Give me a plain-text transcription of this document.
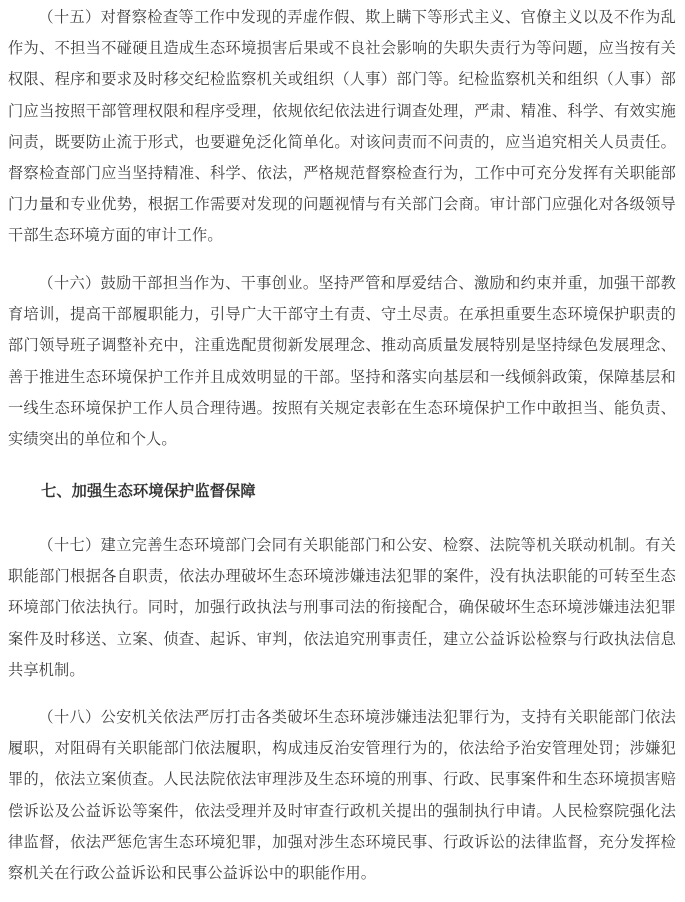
（十五）对督察检查等工作中发现的弄虚作假、欺上瞒下等形式主义、官僚主义以及不作为乱作为、不担当不碰硬且造成生态环境损害后果或不良社会影响的失职失责行为等问题，应当按有关权限、程序和要求及时移交纪检监察机关或组织（人事）部门等。纪检监察机关和组织（人事）部门应当按照干部管理权限和程序受理，依规依纪依法进行调查处理，严肃、精准、科学、有效实施问责，既要防止流于形式，也要避免泛化简单化。对该问责而不问责的，应当追究相关人员责任。督察检查部门应当坚持精准、科学、依法，严格规范督察检查行为，工作中可充分发挥有关职能部门力量和专业优势，根据工作需要对发现的问题视情与有关部门会商。审计部门应强化对各级领导干部生态环境方面的审计工作。

（十六）鼓励干部担当作为、干事创业。坚持严管和厚爱结合、激励和约束并重，加强干部教育培训，提高干部履职能力，引导广大干部守土有责、守土尽责。在承担重要生态环境保护职责的部门领导班子调整补充中，注重选配贯彻新发展理念、推动高质量发展特别是坚持绿色发展理念、善于推进生态环境保护工作并且成效明显的干部。坚持和落实向基层和一线倾斜政策，保障基层和一线生态环境保护工作人员合理待遇。按照有关规定表彰在生态环境保护工作中敢担当、能负责、实绩突出的单位和个人。

七、加强生态环境保护监督保障

（十七）建立完善生态环境部门会同有关职能部门和公安、检察、法院等机关联动机制。有关职能部门根据各自职责，依法办理破坏生态环境涉嫌违法犯罪的案件，没有执法职能的可转至生态环境部门依法执行。同时，加强行政执法与刑事司法的衔接配合，确保破坏生态环境涉嫌违法犯罪案件及时移送、立案、侦查、起诉、审判，依法追究刑事责任，建立公益诉讼检察与行政执法信息共享机制。

（十八）公安机关依法严厉打击各类破坏生态环境涉嫌违法犯罪行为，支持有关职能部门依法履职，对阻碍有关职能部门依法履职，构成违反治安管理行为的，依法给予治安管理处罚；涉嫌犯罪的，依法立案侦查。人民法院依法审理涉及生态环境的刑事、行政、民事案件和生态环境损害赔偿诉讼及公益诉讼等案件，依法受理并及时审查行政机关提出的强制执行申请。人民检察院强化法律监督，依法严惩危害生态环境犯罪，加强对涉生态环境民事、行政诉讼的法律监督，充分发挥检察机关在行政公益诉讼和民事公益诉讼中的职能作用。
